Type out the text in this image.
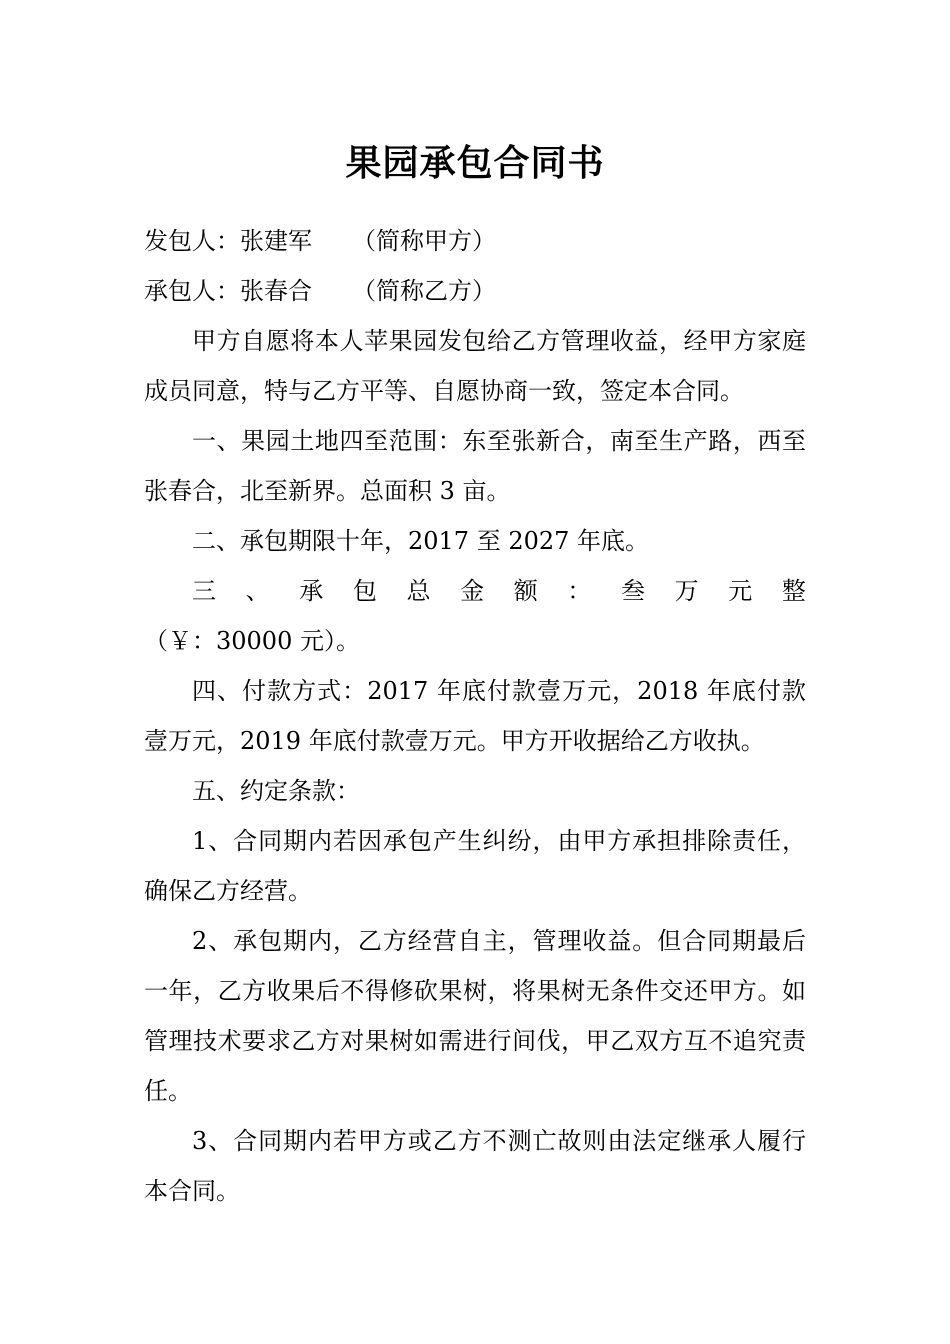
果园承包合同书

发包人：张建军 （简称甲方）

承包人：张春合 （简称乙方）

甲方自愿将本人苹果园发包给乙方管理收益，经甲方家庭成员同意，特与乙方平等、自愿协商一致，签定本合同。

一、果园土地四至范围：东至张新合，南至生产路，西至张春合，北至新界。总面积 3 亩。

二、承包期限十年，2017 至 2027 年底。

三 、 承 包 总 金 额 ： 叁 万 元 整

（￥：30000 元）。

四、付款方式：2017 年底付款壹万元，2018 年底付款壹万元，2019 年底付款壹万元。甲方开收据给乙方收执。

五、约定条款：

1、合同期内若因承包产生纠纷，由甲方承担排除责任，确保乙方经营。

2、承包期内，乙方经营自主，管理收益。但合同期最后一年，乙方收果后不得修砍果树，将果树无条件交还甲方。如管理技术要求乙方对果树如需进行间伐，甲乙双方互不追究责任。

3、合同期内若甲方或乙方不测亡故则由法定继承人履行本合同。
